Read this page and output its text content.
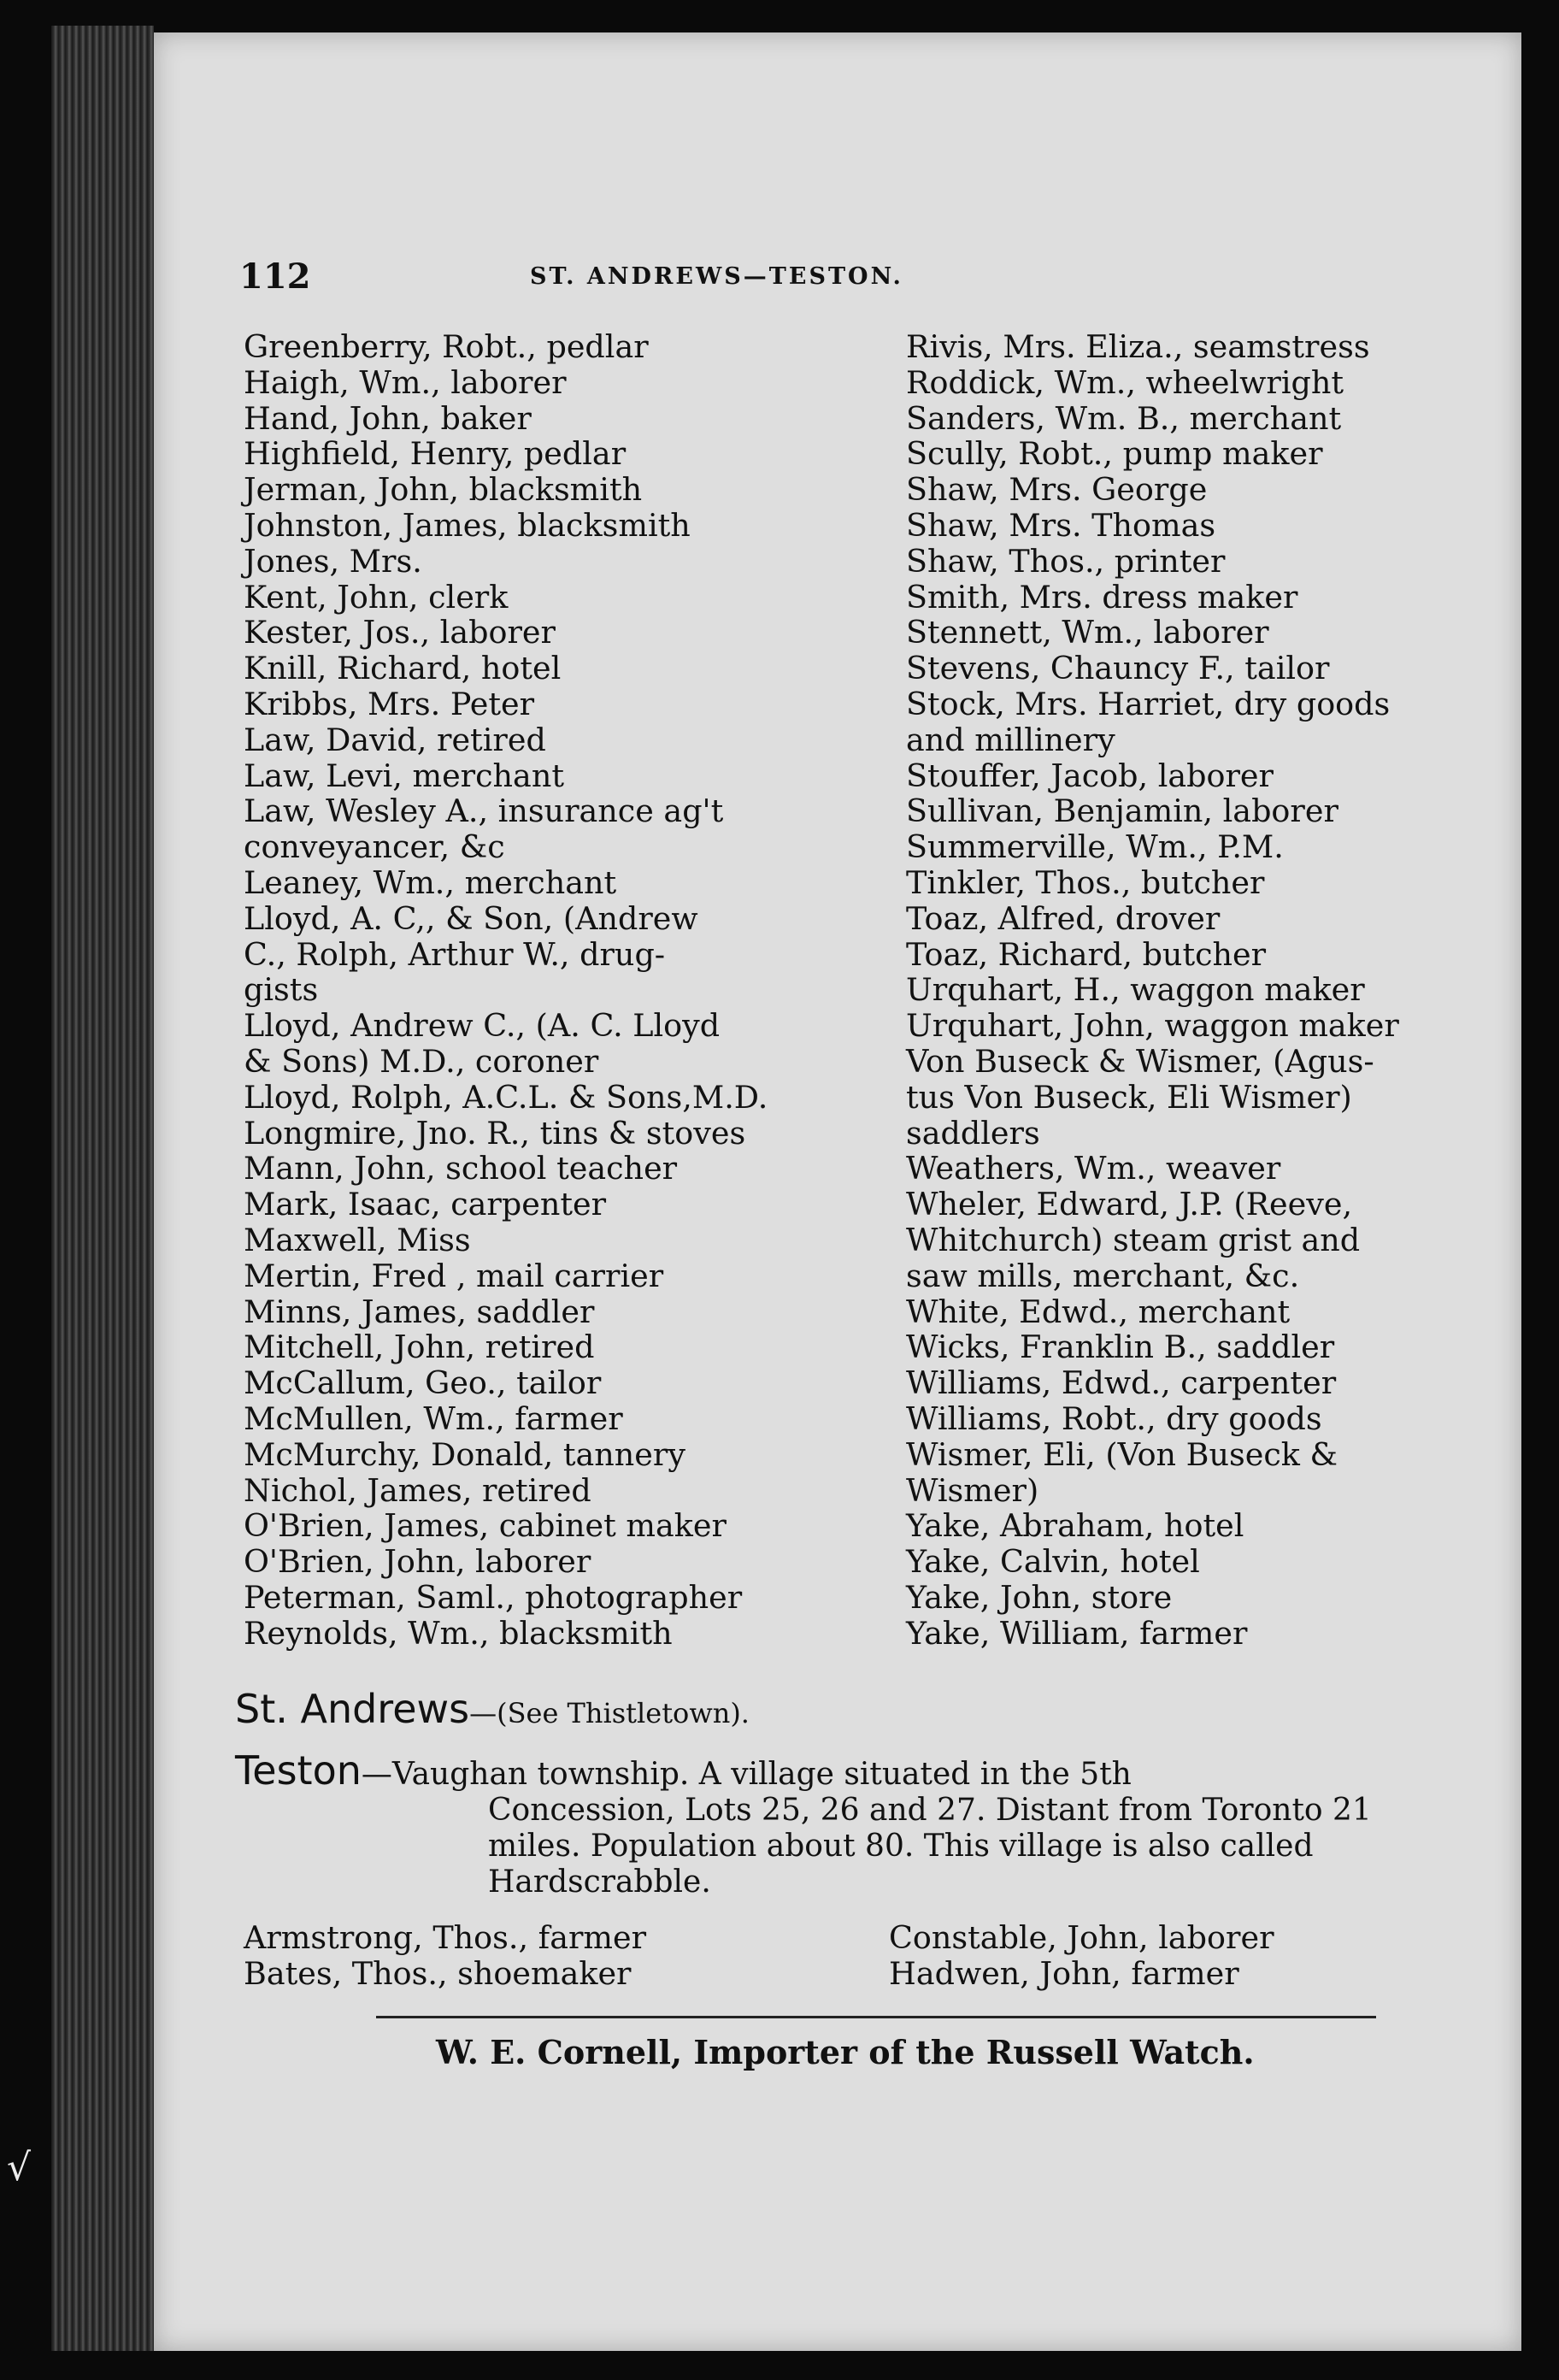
112	ST. ANDREWS—TESTON.
Greenberry, Robt., pedlar
Haigh, Wm., laborer
Hand, John, baker
Highfield, Henry, pedlar
Jerman, John, blacksmith
Johnston, James, blacksmith
Jones, Mrs.
Kent, John, clerk
Kester, Jos., laborer
Knill, Richard, hotel
Kribbs, Mrs. Peter
Law, David, retired
Law, Levi, merchant
Law, Wesley A., insurance ag't
conveyancer, &c
Leaney, Wm., merchant
Lloyd, A. C,, & Son, (Andrew
C., Rolph, Arthur W., drug-
gists
Lloyd, Andrew C., (A. C. Lloyd
& Sons) M.D., coroner
Lloyd, Rolph, A.C.L. & Sons,M.D.
Longmire, Jno. R., tins & stoves
Mann, John, school teacher
Mark, Isaac, carpenter
Maxwell, Miss
Mertin, Fred , mail carrier
Minns, James, saddler
Mitchell, John, retired
McCallum, Geo., tailor
McMullen, Wm., farmer
McMurchy, Donald, tannery
Nichol, James, retired
O'Brien, James, cabinet maker
O'Brien, John, laborer
Peterman, Saml., photographer
Reynolds, Wm., blacksmith
Rivis, Mrs. Eliza., seamstress
Roddick, Wm., wheelwright
Sanders, Wm. B., merchant
Scully, Robt., pump maker
Shaw, Mrs. George
Shaw, Mrs. Thomas
Shaw, Thos., printer
Smith, Mrs. dress maker
Stennett, Wm., laborer
Stevens, Chauncy F., tailor
Stock, Mrs. Harriet, dry goods
and millinery
Stouffer, Jacob, laborer
Sullivan, Benjamin, laborer
Summerville, Wm., P.M.
Tinkler, Thos., butcher
Toaz, Alfred, drover
Toaz, Richard, butcher
Urquhart, H., waggon maker
Urquhart, John, waggon maker
Von Buseck & Wismer, (Agus-
tus Von Buseck, Eli Wismer)
saddlers
Weathers, Wm., weaver
Wheler, Edward, J.P. (Reeve,
Whitchurch) steam grist and
saw mills, merchant, &c.
White, Edwd., merchant
Wicks, Franklin B., saddler
Williams, Edwd., carpenter
Williams, Robt., dry goods
Wismer, Eli, (Von Buseck &
Wismer)
Yake, Abraham, hotel
Yake, Calvin, hotel
Yake, John, store
Yake, William, farmer
St. Andrews—(See Thistletown).
Teston—Vaughan township. A village situated in the 5th
Concession, Lots 25, 26 and 27. Distant from Toronto 21
miles. Population about 80. This village is also called
Hardscrabble.
Armstrong, Thos., farmer
Bates, Thos., shoemaker
Constable, John, laborer
Hadwen, John, farmer
W. E. Cornell, Importer of the Russell Watch.
√
